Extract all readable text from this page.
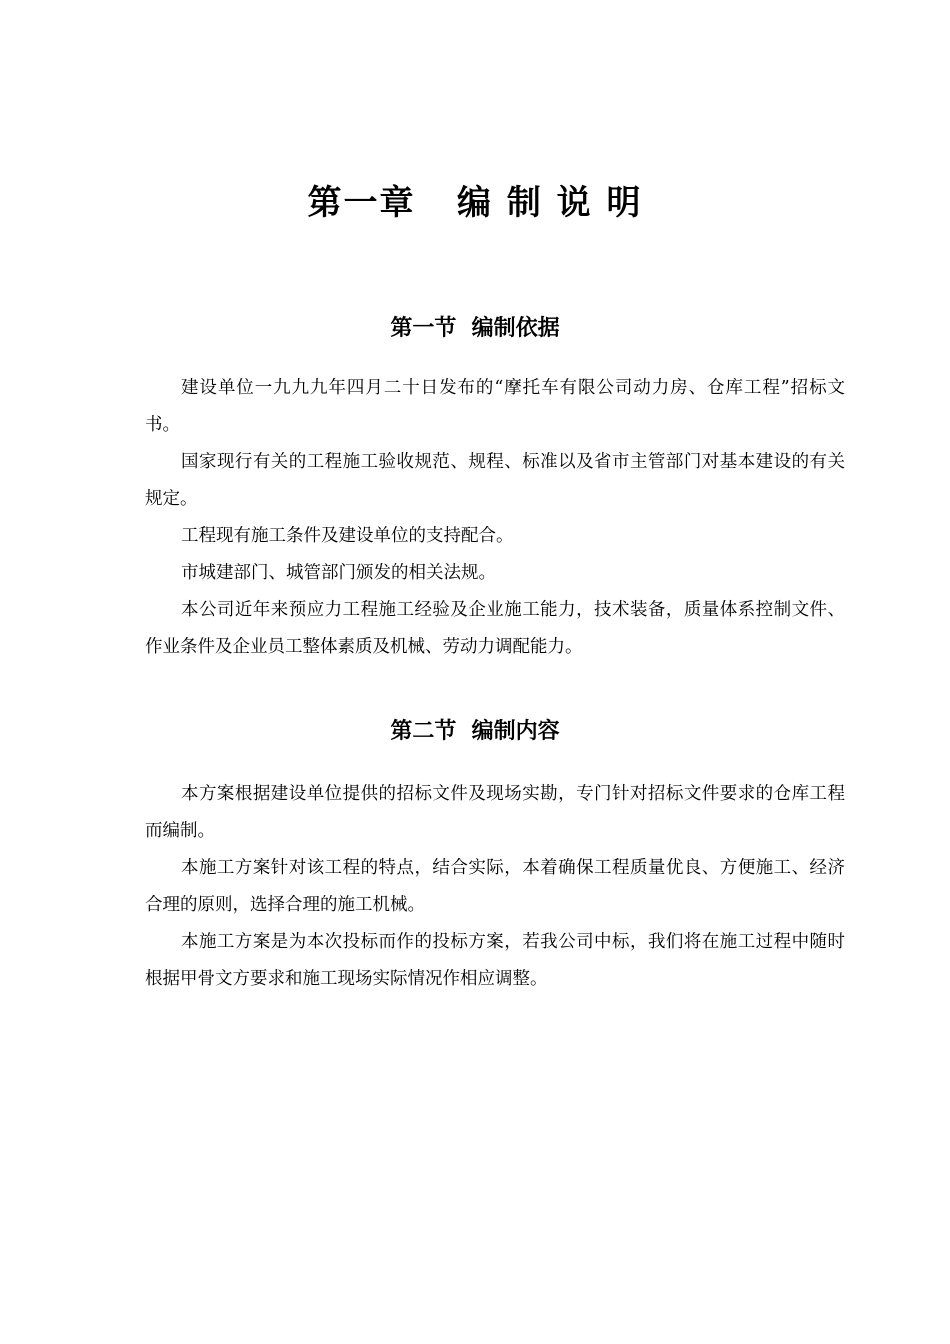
第一章   编 制 说 明
第一节  编制依据

建设单位一九九九年四月二十日发布的“摩托车有限公司动力房、仓库工程”招标文书。

国家现行有关的工程施工验收规范、规程、标准以及省市主管部门对基本建设的有关规定。

工程现有施工条件及建设单位的支持配合。

市城建部门、城管部门颁发的相关法规。

本公司近年来预应力工程施工经验及企业施工能力，技术装备，质量体系控制文件、作业条件及企业员工整体素质及机械、劳动力调配能力。

第二节  编制内容

本方案根据建设单位提供的招标文件及现场实勘，专门针对招标文件要求的仓库工程而编制。

本施工方案针对该工程的特点，结合实际，本着确保工程质量优良、方便施工、经济合理的原则，选择合理的施工机械。

本施工方案是为本次投标而作的投标方案，若我公司中标，我们将在施工过程中随时根据甲骨文方要求和施工现场实际情况作相应调整。
